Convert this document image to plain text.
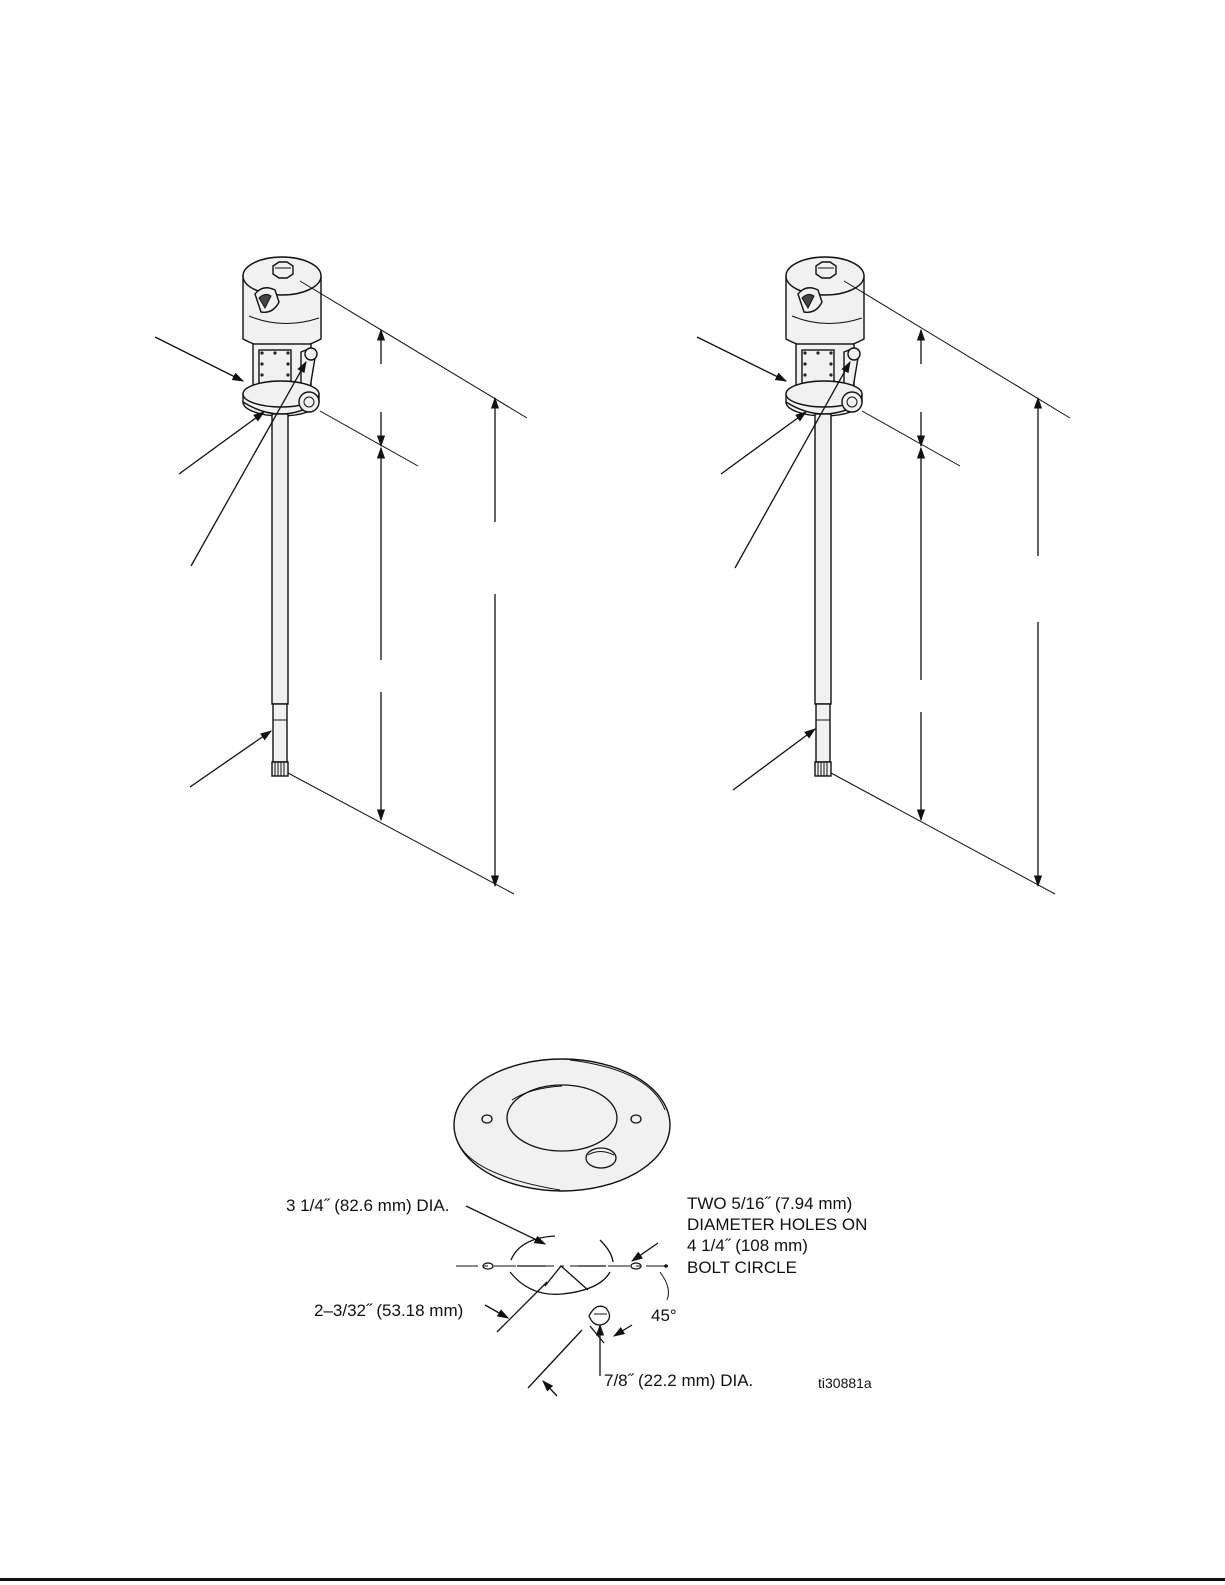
3 1/4˝ (82.6 mm) DIA.	TWO 5/16˝ (7.94 mm)
DIAMETER HOLES ON
4 1/4˝ (108 mm)
BOLT CIRCLE
2–3/32˝ (53.18 mm)	45°
7/8˝ (22.2 mm) DIA.	ti30881a
